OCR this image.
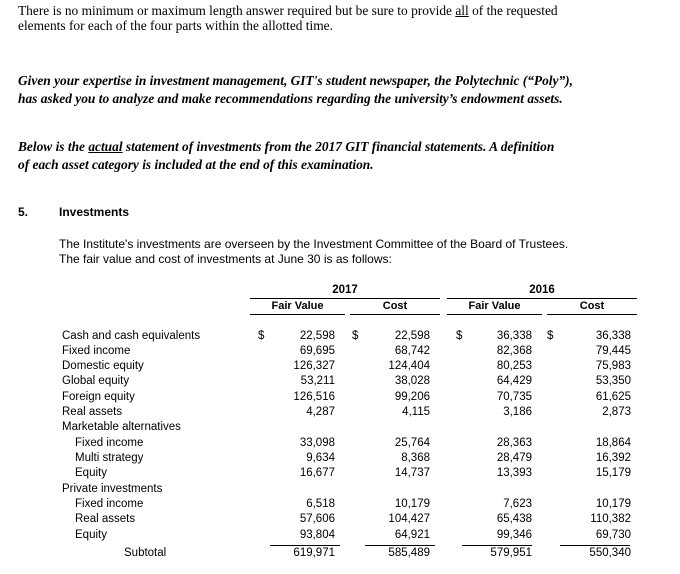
There is no minimum or maximum length answer required but be sure to provide all of the requested
elements for each of the four parts within the allotted time.
Given your expertise in investment management, GIT's student newspaper, the Polytechnic (“Poly”),
has asked you to analyze and make recommendations regarding the university’s endowment assets.
Below is the actual statement of investments from the 2017 GIT financial statements. A definition
of each asset category is included at the end of this examination.
5.	Investments
The Institute's investments are overseen by the Investment Committee of the Board of Trustees.
The fair value and cost of investments at June 30 is as follows:
2017	2016
Fair Value	Cost	Fair Value	Cost
$	$	$	$
Cash and cash equivalents	22,598	22,598	36,338	36,338
Fixed income	69,695	68,742	82,368	79,445
Domestic equity	126,327	124,404	80,253	75,983
Global equity	53,211	38,028	64,429	53,350
Foreign equity	126,516	99,206	70,735	61,625
Real assets	4,287	4,115	3,186	2,873
Marketable alternatives
Fixed income	33,098	25,764	28,363	18,864
Multi strategy	9,634	8,368	28,479	16,392
Equity	16,677	14,737	13,393	15,179
Private investments
Fixed income	6,518	10,179	7,623	10,179
Real assets	57,606	104,427	65,438	110,382
Equity	93,804	64,921	99,346	69,730
Subtotal	619,971	585,489	579,951	550,340
